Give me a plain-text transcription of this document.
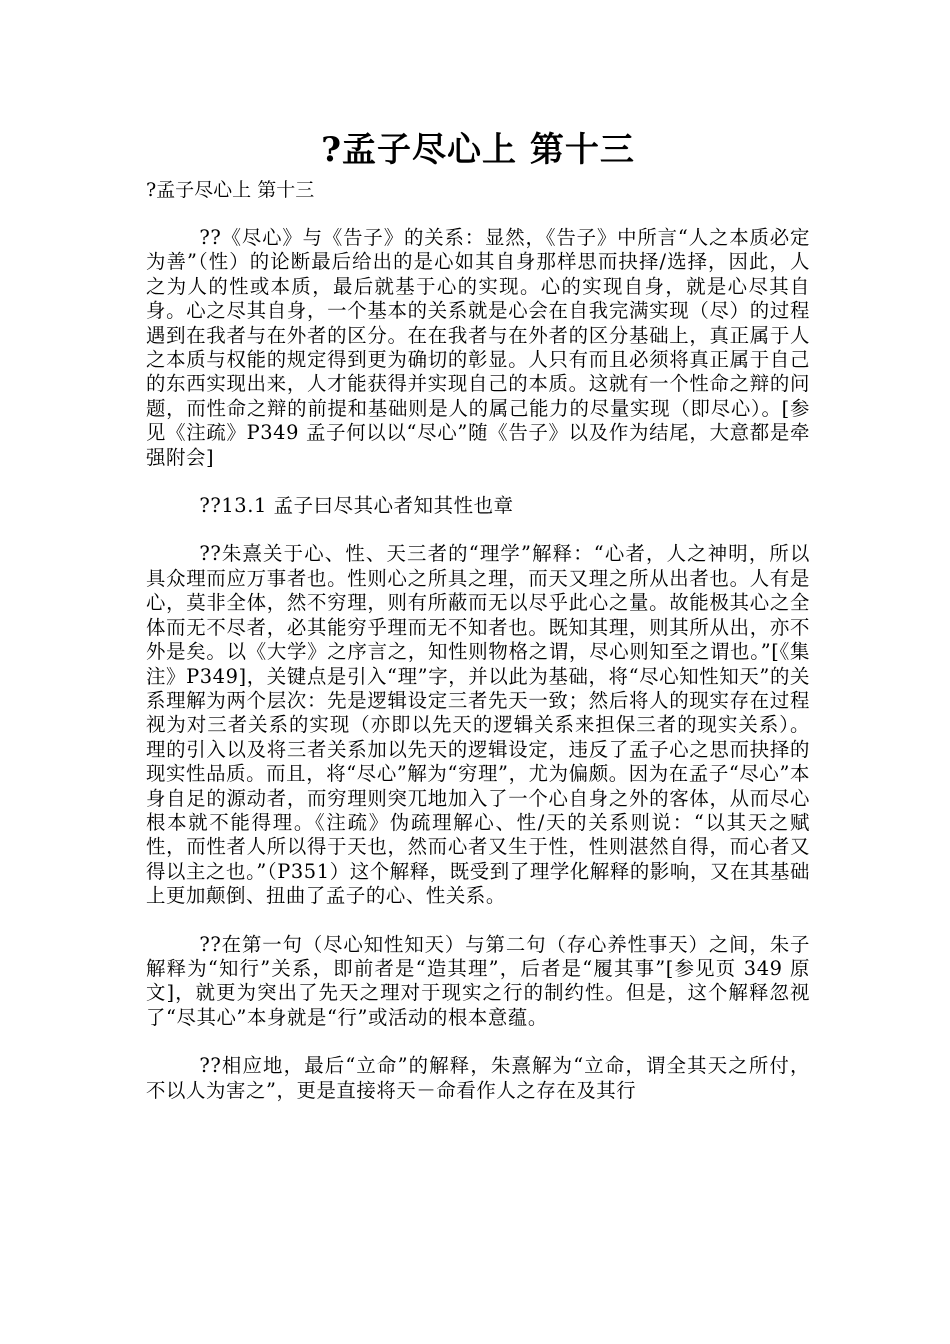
?孟子尽心上 第十三
?孟子尽心上 第十三

??《尽心》与《告子》的关系：显然，《告子》中所言“人之本质必定为善”（性）的论断最后给出的是心如其自身那样思而抉择/选择，因此，人之为人的性或本质，最后就基于心的实现。心的实现自身，就是心尽其自身。心之尽其自身，一个基本的关系就是心会在自我完满实现（尽）的过程遇到在我者与在外者的区分。在在我者与在外者的区分基础上，真正属于人之本质与权能的规定得到更为确切的彰显。人只有而且必须将真正属于自己的东西实现出来，人才能获得并实现自己的本质。这就有一个性命之辩的问题，而性命之辩的前提和基础则是人的属己能力的尽量实现（即尽心）。[参见《注疏》P349 孟子何以以“尽心”随《告子》以及作为结尾，大意都是牵强附会]

??13.1 孟子曰尽其心者知其性也章

??朱熹关于心、性、天三者的“理学”解释：“心者，人之神明，所以具众理而应万事者也。性则心之所具之理，而天又理之所从出者也。人有是心，莫非全体，然不穷理，则有所蔽而无以尽乎此心之量。故能极其心之全体而无不尽者，必其能穷乎理而无不知者也。既知其理，则其所从出，亦不外是矣。以《大学》之序言之，知性则物格之谓，尽心则知至之谓也。”[《集注》P349]，关键点是引入“理”字，并以此为基础，将“尽心知性知天”的关系理解为两个层次：先是逻辑设定三者先天一致；然后将人的现实存在过程视为对三者关系的实现（亦即以先天的逻辑关系来担保三者的现实关系）。理的引入以及将三者关系加以先天的逻辑设定，违反了孟子心之思而抉择的现实性品质。而且，将“尽心”解为“穷理”，尤为偏颇。因为在孟子“尽心”本身自足的源动者，而穷理则突兀地加入了一个心自身之外的客体，从而尽心根本就不能得理。《注疏》伪疏理解心、性/天的关系则说：“以其天之赋性，而性者人所以得于天也，然而心者又生于性，性则湛然自得，而心者又得以主之也。”（P351）这个解释，既受到了理学化解释的影响，又在其基础上更加颠倒、扭曲了孟子的心、性关系。

??在第一句（尽心知性知天）与第二句（存心养性事天）之间，朱子解释为“知行”关系，即前者是“造其理”，后者是“履其事”[参见页 349 原文]，就更为突出了先天之理对于现实之行的制约性。但是，这个解释忽视了“尽其心”本身就是“行”或活动的根本意蕴。

??相应地，最后“立命”的解释，朱熹解为“立命，谓全其天之所付，不以人为害之”，更是直接将天－命看作人之存在及其行
